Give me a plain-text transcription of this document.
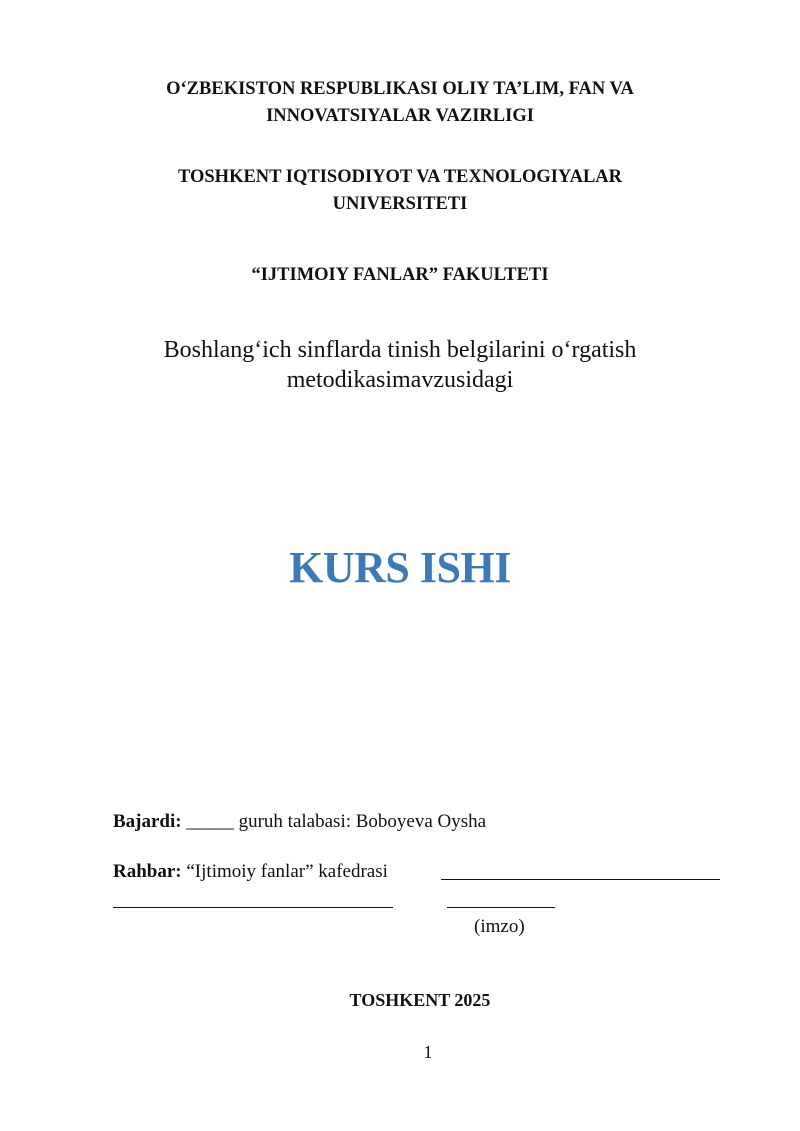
O‘ZBEKISTON RESPUBLIKASI OLIY TA’LIM, FAN VA
INNOVATSIYALAR VAZIRLIGI
TOSHKENT IQTISODIYOT VA TEXNOLOGIYALAR
UNIVERSITETI
“IJTIMOIY FANLAR” FAKULTETI
Boshlang‘ich sinflarda tinish belgilarini o‘rgatish
metodikasimavzusidagi
KURS ISHI
Bajardi: _____ guruh talabasi: Boboyeva Oysha
Rahbar: “Ijtimoiy fanlar” kafedrasi
(imzo)
TOSHKENT 2025
1
